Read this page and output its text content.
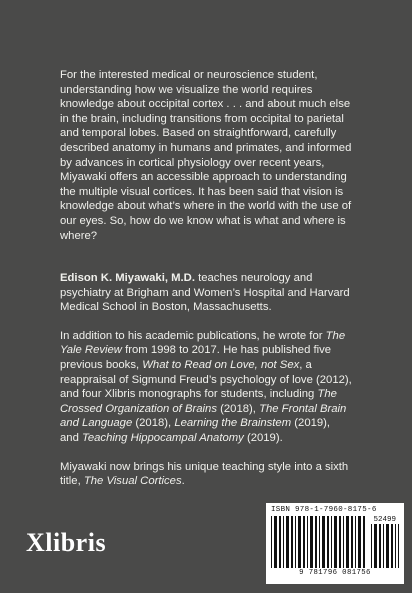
For the interested medical or neuroscience student, understanding how we visualize the world requires knowledge about occipital cortex . . . and about much else in the brain, including transitions from occipital to parietal and temporal lobes. Based on straightforward, carefully described anatomy in humans and primates, and informed by advances in cortical physiology over recent years, Miyawaki offers an accessible approach to understanding the multiple visual cortices. It has been said that vision is knowledge about what’s where in the world with the use of our eyes. So, how do we know what is what and where is where?

Edison K. Miyawaki, M.D. teaches neurology and psychiatry at Brigham and Women’s Hospital and Harvard Medical School in Boston, Massachusetts.

In addition to his academic publications, he wrote for The Yale Review from 1998 to 2017. He has published five previous books, What to Read on Love, not Sex, a reappraisal of Sigmund Freud’s psychology of love (2012), and four Xlibris monographs for students, including The Crossed Organization of Brains (2018), The Frontal Brain and Language (2018), Learning the Brainstem (2019), and Teaching Hippocampal Anatomy (2019).

Miyawaki now brings his unique teaching style into a sixth title, The Visual Cortices.

Xlibris
ISBN 978-1-7960-8175-6
52499
9 781796 081756
